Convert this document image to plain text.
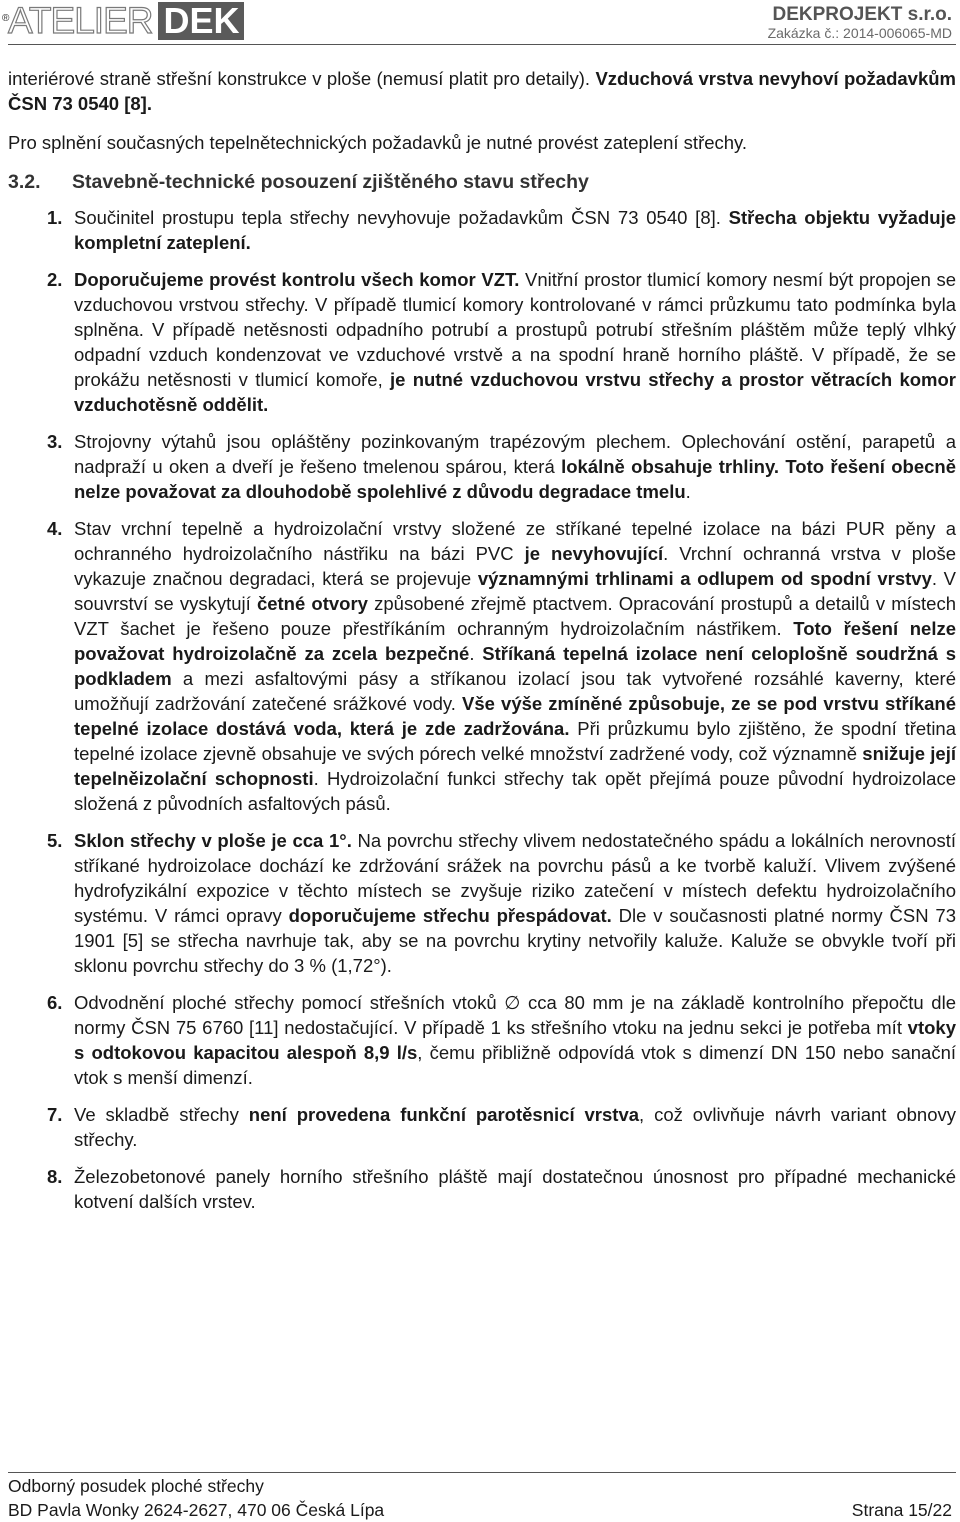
® ATELIER DEK	DEKPROJEKT s.r.o.
Zakázka č.: 2014-006065-MD

interiérové straně střešní konstrukce v ploše (nemusí platit pro detaily). Vzduchová vrstva nevyhoví požadavkům ČSN 73 0540 [8].

Pro splnění současných tepelnětechnických požadavků je nutné provést zateplení střechy.

3.2.	Stavebně-technické posouzení zjištěného stavu střechy
1. Součinitel prostupu tepla střechy nevyhovuje požadavkům ČSN 73 0540 [8]. Střecha objektu vyžaduje kompletní zateplení.
2. Doporučujeme provést kontrolu všech komor VZT. Vnitřní prostor tlumicí komory nesmí být propojen se vzduchovou vrstvou střechy. V případě tlumicí komory kontrolované v rámci průzkumu tato podmínka byla splněna. V případě netěsnosti odpadního potrubí a prostupů potrubí střešním pláštěm může teplý vlhký odpadní vzduch kondenzovat ve vzduchové vrstvě a na spodní hraně horního pláště. V případě, že se prokážu netěsnosti v tlumicí komoře, je nutné vzduchovou vrstvu střechy a prostor větracích komor vzduchotěsně oddělit.
3. Strojovny výtahů jsou opláštěny pozinkovaným trapézovým plechem. Oplechování ostění, parapetů a nadpraží u oken a dveří je řešeno tmelenou spárou, která lokálně obsahuje trhliny. Toto řešení obecně nelze považovat za dlouhodobě spolehlivé z důvodu degradace tmelu.
4. Stav vrchní tepelně a hydroizolační vrstvy složené ze stříkané tepelné izolace na bázi PUR pěny a ochranného hydroizolačního nástřiku na bázi PVC je nevyhovující. Vrchní ochranná vrstva v ploše vykazuje značnou degradaci, která se projevuje významnými trhlinami a odlupem od spodní vrstvy. V souvrství se vyskytují četné otvory způsobené zřejmě ptactvem. Opracování prostupů a detailů v místech VZT šachet je řešeno pouze přestříkáním ochranným hydroizolačním nástřikem. Toto řešení nelze považovat hydroizolačně za zcela bezpečné. Stříkaná tepelná izolace není celoplošně soudržná s podkladem a mezi asfaltovými pásy a stříkanou izolací jsou tak vytvořené rozsáhlé kaverny, které umožňují zadržování zatečené srážkové vody. Vše výše zmíněné způsobuje, ze se pod vrstvu stříkané tepelné izolace dostává voda, která je zde zadržována. Při průzkumu bylo zjištěno, že spodní třetina tepelné izolace zjevně obsahuje ve svých pórech velké množství zadržené vody, což významně snižuje její tepelněizolační schopnosti. Hydroizolační funkci střechy tak opět přejímá pouze původní hydroizolace složená z původních asfaltových pásů.
5. Sklon střechy v ploše je cca 1°. Na povrchu střechy vlivem nedostatečného spádu a lokálních nerovností stříkané hydroizolace dochází ke zdržování srážek na povrchu pásů a ke tvorbě kaluží. Vlivem zvýšené hydrofyzikální expozice v těchto místech se zvyšuje riziko zatečení v místech defektu hydroizolačního systému. V rámci opravy doporučujeme střechu přespádovat. Dle v současnosti platné normy ČSN 73 1901 [5] se střecha navrhuje tak, aby se na povrchu krytiny netvořily kaluže. Kaluže se obvykle tvoří při sklonu povrchu střechy do 3 % (1,72°).
6. Odvodnění ploché střechy pomocí střešních vtoků ∅ cca 80 mm je na základě kontrolního přepočtu dle normy ČSN 75 6760 [11] nedostačující. V případě 1 ks střešního vtoku na jednu sekci je potřeba mít vtoky s odtokovou kapacitou alespoň 8,9 l/s, čemu přibližně odpovídá vtok s dimenzí DN 150 nebo sanační vtok s menší dimenzí.
7. Ve skladbě střechy není provedena funkční parotěsnicí vrstva, což ovlivňuje návrh variant obnovy střechy.
8. Železobetonové panely horního střešního pláště mají dostatečnou únosnost pro případné mechanické kotvení dalších vrstev.
Odborný posudek ploché střechy
BD Pavla Wonky 2624-2627, 470 06 Česká Lípa	Strana 15/22
